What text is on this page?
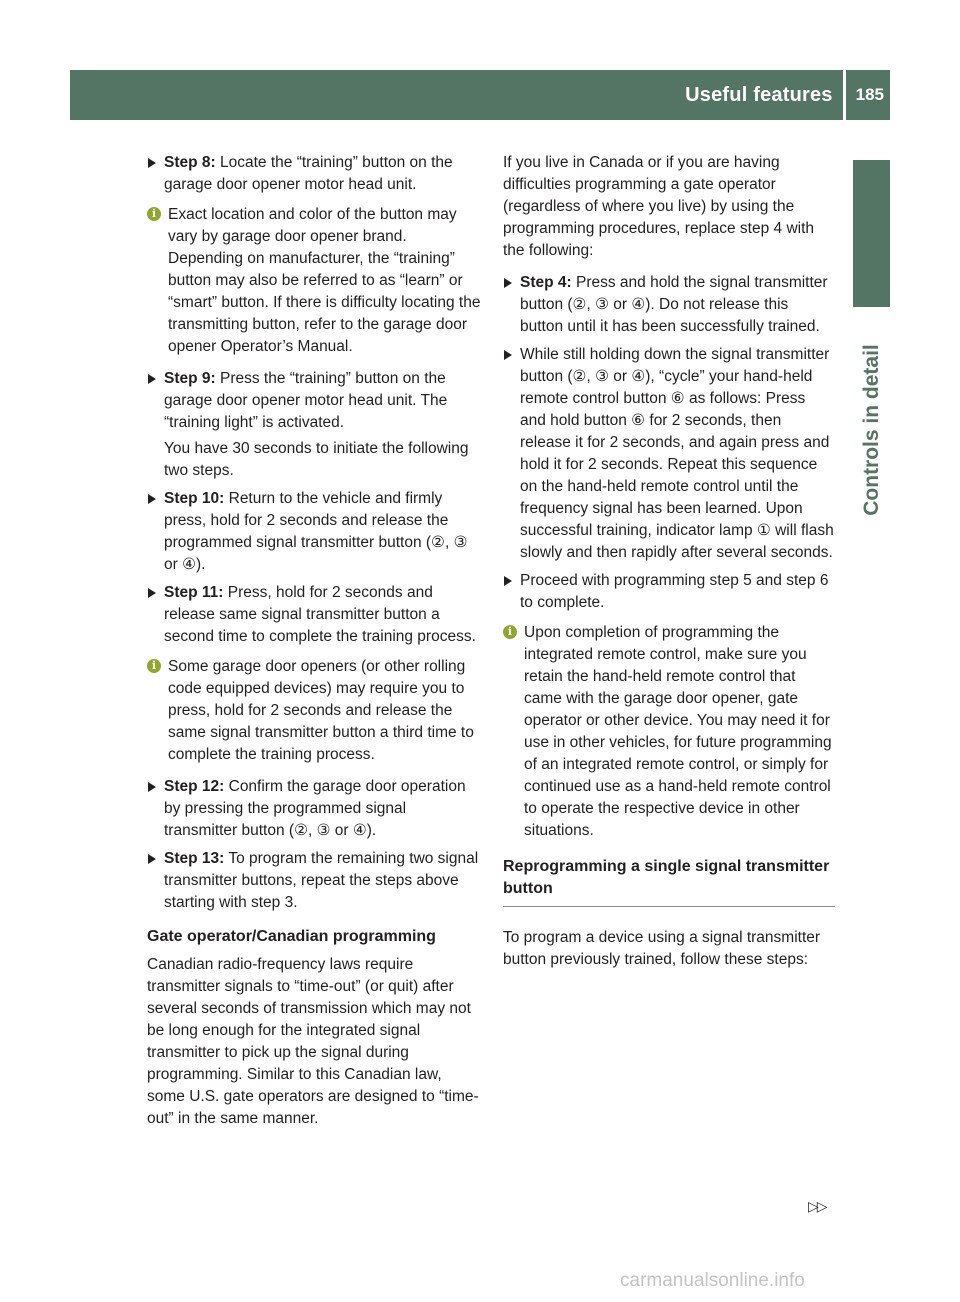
Useful features	185
Controls in detail

Step 8: Locate the “training” button on the garage door opener motor head unit.

i Exact location and color of the button may vary by garage door opener brand. Depending on manufacturer, the “training” button may also be referred to as “learn” or “smart” button. If there is difficulty locating the transmitting button, refer to the garage door opener Operator’s Manual.

Step 9: Press the “training” button on the garage door opener motor head unit. The “training light” is activated.

You have 30 seconds to initiate the following two steps.

Step 10: Return to the vehicle and firmly press, hold for 2 seconds and release the programmed signal transmitter button (②, ③ or ④).

Step 11: Press, hold for 2 seconds and release same signal transmitter button a second time to complete the training process.

i Some garage door openers (or other rolling code equipped devices) may require you to press, hold for 2 seconds and release the same signal transmitter button a third time to complete the training process.

Step 12: Confirm the garage door operation by pressing the programmed signal transmitter button (②, ③ or ④).

Step 13: To program the remaining two signal transmitter buttons, repeat the steps above starting with step 3.

Gate operator/Canadian programming

Canadian radio-frequency laws require transmitter signals to “time-out” (or quit) after several seconds of transmission which may not be long enough for the integrated signal transmitter to pick up the signal during programming. Similar to this Canadian law, some U.S. gate operators are designed to “time-out” in the same manner.

If you live in Canada or if you are having difficulties programming a gate operator (regardless of where you live) by using the programming procedures, replace step 4 with the following:

Step 4: Press and hold the signal transmitter button (②, ③ or ④). Do not release this button until it has been successfully trained.

While still holding down the signal transmitter button (②, ③ or ④), “cycle” your hand-held remote control button ⑥ as follows: Press and hold button ⑥ for 2 seconds, then release it for 2 seconds, and again press and hold it for 2 seconds. Repeat this sequence on the hand-held remote control until the frequency signal has been learned. Upon successful training, indicator lamp ① will flash slowly and then rapidly after several seconds.

Proceed with programming step 5 and step 6 to complete.

i Upon completion of programming the integrated remote control, make sure you retain the hand-held remote control that came with the garage door opener, gate operator or other device. You may need it for use in other vehicles, for future programming of an integrated remote control, or simply for continued use as a hand-held remote control to operate the respective device in other situations.

Reprogramming a single signal transmitter button

To program a device using a signal transmitter button previously trained, follow these steps:

▷▷
carmanualsonline.info
